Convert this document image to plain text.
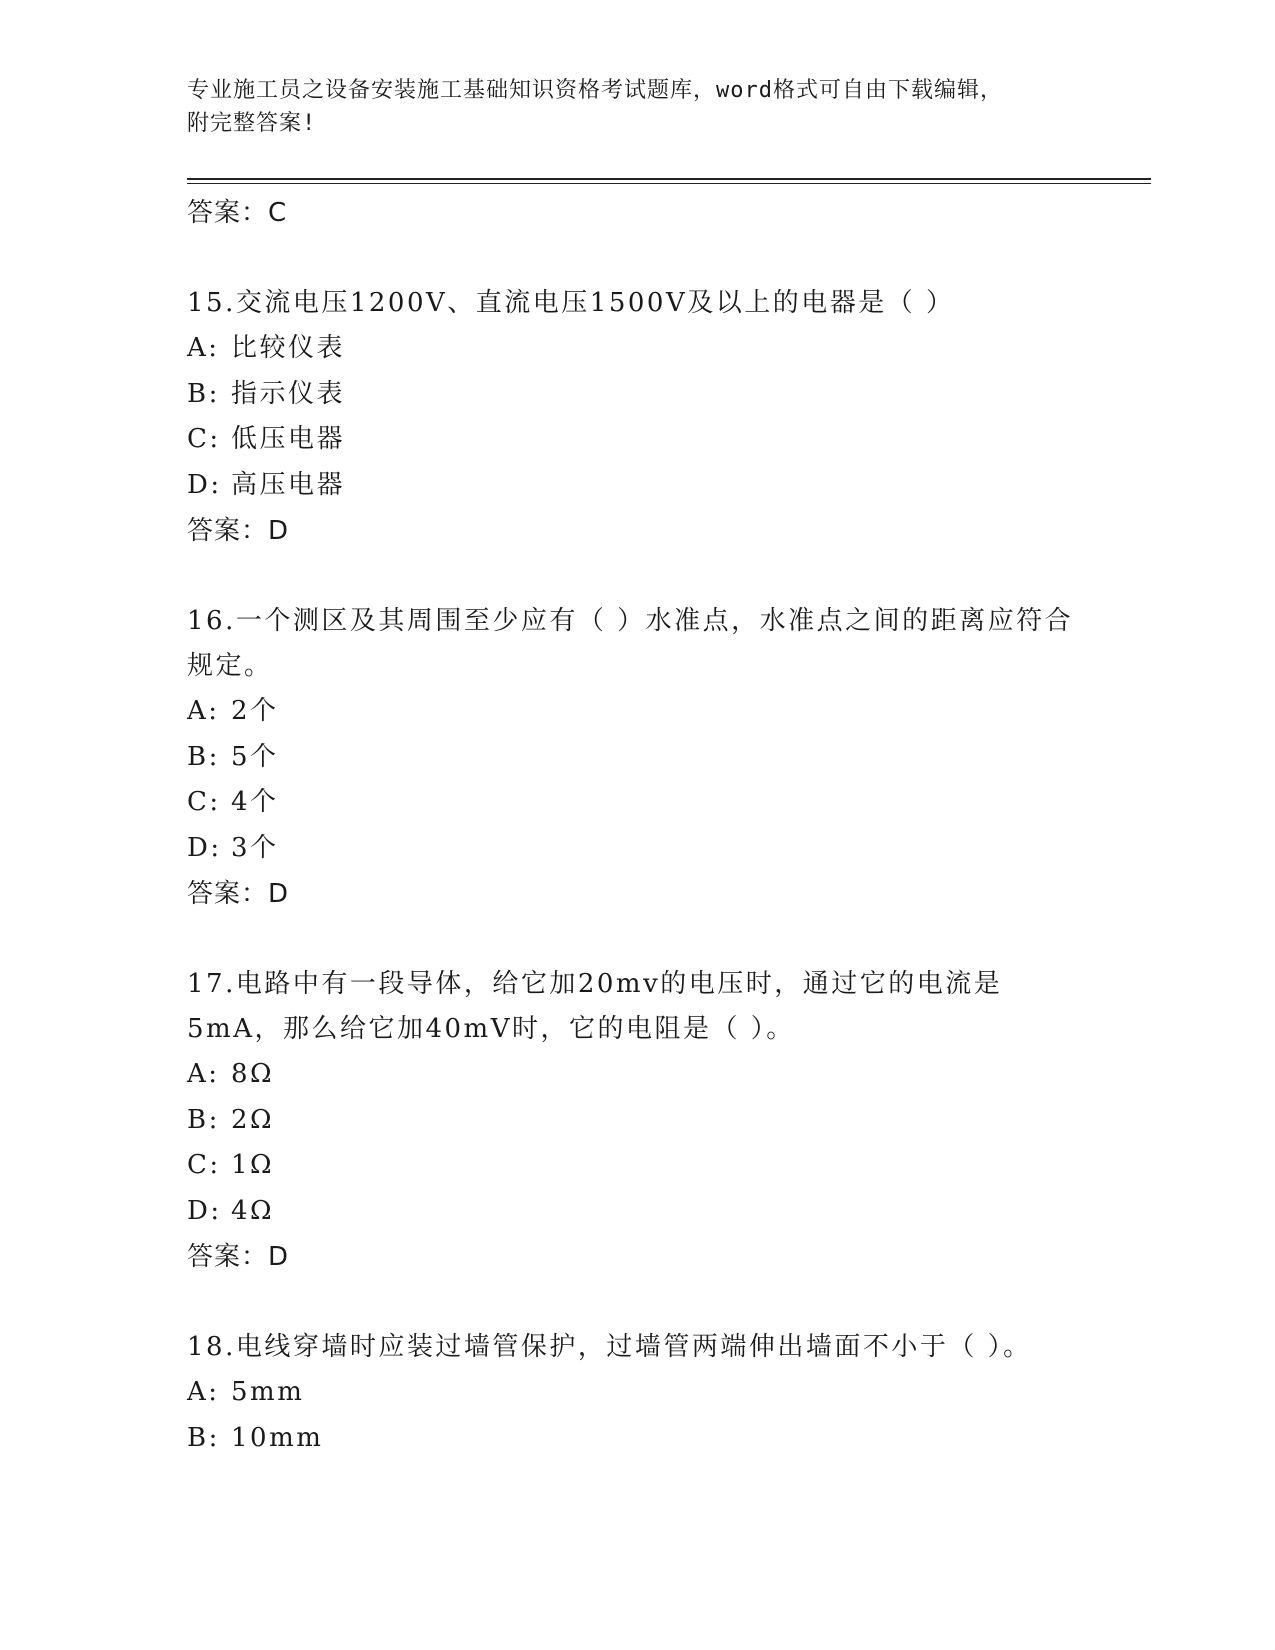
专业施工员之设备安装施工基础知识资格考试题库，word格式可自由下载编辑，
附完整答案!
答案：C
15.交流电压1200V、直流电压1500V及以上的电器是（ ）
A: 比较仪表
B: 指示仪表
C: 低压电器
D: 高压电器
答案：D
16.一个测区及其周围至少应有（ ）水准点，水准点之间的距离应符合规定。
A: 2个
B: 5个
C: 4个
D: 3个
答案：D
17.电路中有一段导体，给它加20mv的电压时，通过它的电流是5mA，那么给它加40mV时，它的电阻是（ ）。
A: 8Ω
B: 2Ω
C: 1Ω
D: 4Ω
答案：D
18.电线穿墙时应装过墙管保护，过墙管两端伸出墙面不小于（ ）。
A: 5mm
B: 10mm
